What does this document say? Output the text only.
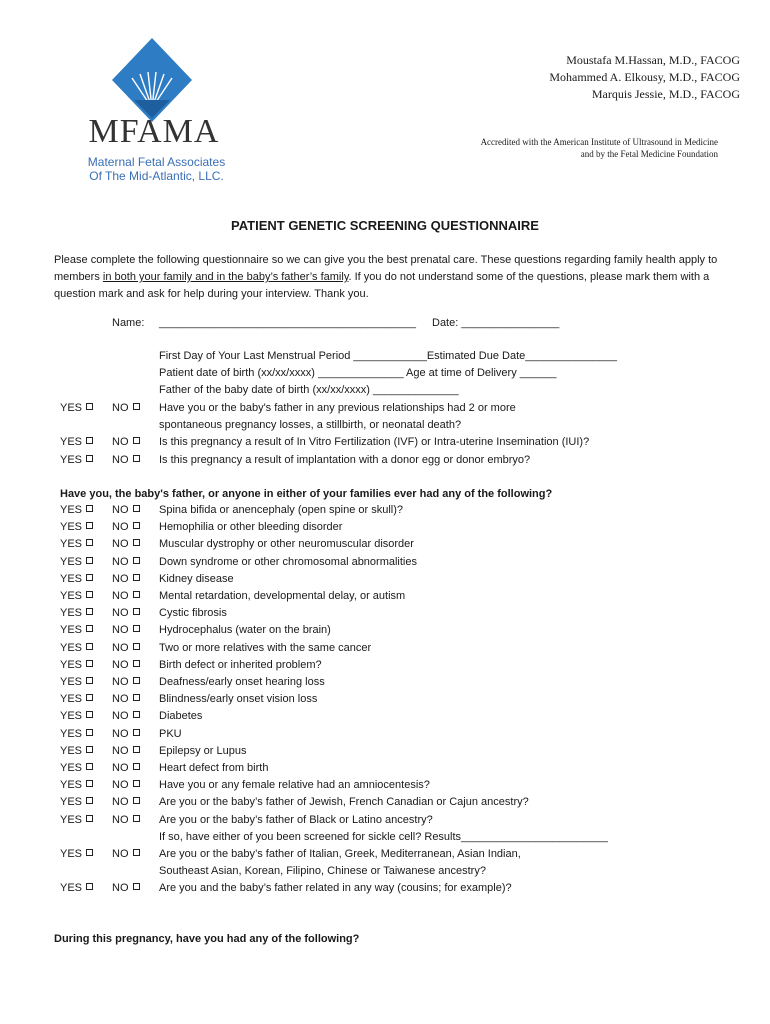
MFAMA
Maternal Fetal Associates
Of The Mid-Atlantic, LLC.
Moustafa M.Hassan, M.D., FACOG
Mohammed A. Elkousy, M.D., FACOG
Marquis Jessie, M.D., FACOG
Accredited with the American Institute of Ultrasound in Medicine
and by the Fetal Medicine Foundation
PATIENT GENETIC SCREENING QUESTIONNAIRE
Please complete the following questionnaire so we can give you the best prenatal care. These questions regarding family health apply to members in both your family and in the baby’s father’s family. If you do not understand some of the questions, please mark them with a question mark and ask for help during your interview. Thank you.
Name: __________________________________________ Date: ________________
First Day of Your Last Menstrual Period ____________Estimated Due Date_______________
Patient date of birth (xx/xx/xxxx) ______________ Age at time of Delivery ______
Father of the baby date of birth (xx/xx/xxxx) ______________
YES	NO	Have you or the baby's father in any previous relationships had 2 or more
spontaneous pregnancy losses, a stillbirth, or neonatal death?
YES	NO	Is this pregnancy a result of In Vitro Fertilization (IVF) or Intra-uterine Insemination (IUI)?
YES	NO	Is this pregnancy a result of implantation with a donor egg or donor embryo?
YES	NO	Spina bifida or anencephaly (open spine or skull)?
YES	NO	Hemophilia or other bleeding disorder
YES	NO	Muscular dystrophy or other neuromuscular disorder
YES	NO	Down syndrome or other chromosomal abnormalities
YES	NO	Kidney disease
YES	NO	Mental retardation, developmental delay, or autism
YES	NO	Cystic fibrosis
YES	NO	Hydrocephalus (water on the brain)
YES	NO	Two or more relatives with the same cancer
YES	NO	Birth defect or inherited problem?
YES	NO	Deafness/early onset hearing loss
YES	NO	Blindness/early onset vision loss
YES	NO	Diabetes
YES	NO	PKU
YES	NO	Epilepsy or Lupus
YES	NO	Heart defect from birth
YES	NO	Have you or any female relative had an amniocentesis?
YES	NO	Are you or the baby’s father of Jewish, French Canadian or Cajun ancestry?
YES	NO	Are you or the baby’s father of Black or Latino ancestry?
If so, have either of you been screened for sickle cell? Results________________________
YES	NO	Are you or the baby’s father of Italian, Greek, Mediterranean, Asian Indian,
Southeast Asian, Korean, Filipino, Chinese or Taiwanese ancestry?
YES	NO	Are you and the baby’s father related in any way (cousins; for example)?
Have you, the baby's father, or anyone in either of your families ever had any of the following?
During this pregnancy, have you had any of the following?
